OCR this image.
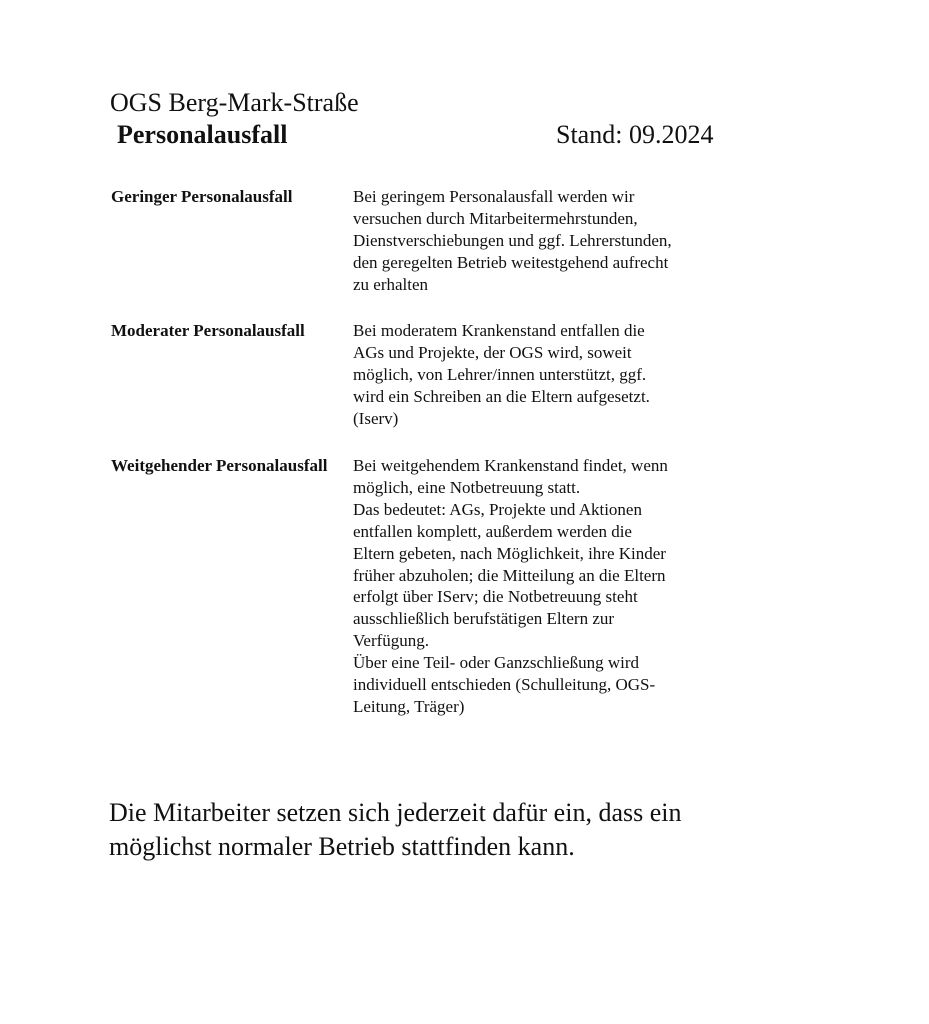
OGS Berg-Mark-Straße

Personalausfall	Stand: 09.2024

Geringer Personalausfall	Bei geringem Personalausfall werden wir
versuchen durch Mitarbeitermehrstunden,
Dienstverschiebungen und ggf. Lehrerstunden,
den geregelten Betrieb weitestgehend aufrecht
zu erhalten
Moderater Personalausfall	Bei moderatem Krankenstand entfallen die
AGs und Projekte, der OGS wird, soweit
möglich, von Lehrer/innen unterstützt, ggf.
wird ein Schreiben an die Eltern aufgesetzt.
(Iserv)
Weitgehender Personalausfall	Bei weitgehendem Krankenstand findet, wenn
möglich, eine Notbetreuung statt.
Das bedeutet: AGs, Projekte und Aktionen
entfallen komplett, außerdem werden die
Eltern gebeten, nach Möglichkeit, ihre Kinder
früher abzuholen; die Mitteilung an die Eltern
erfolgt über IServ; die Notbetreuung steht
ausschließlich berufstätigen Eltern zur
Verfügung.
Über eine Teil- oder Ganzschließung wird
individuell entschieden (Schulleitung, OGS-
Leitung, Träger)
Die Mitarbeiter setzen sich jederzeit dafür ein, dass ein
möglichst normaler Betrieb stattfinden kann.
